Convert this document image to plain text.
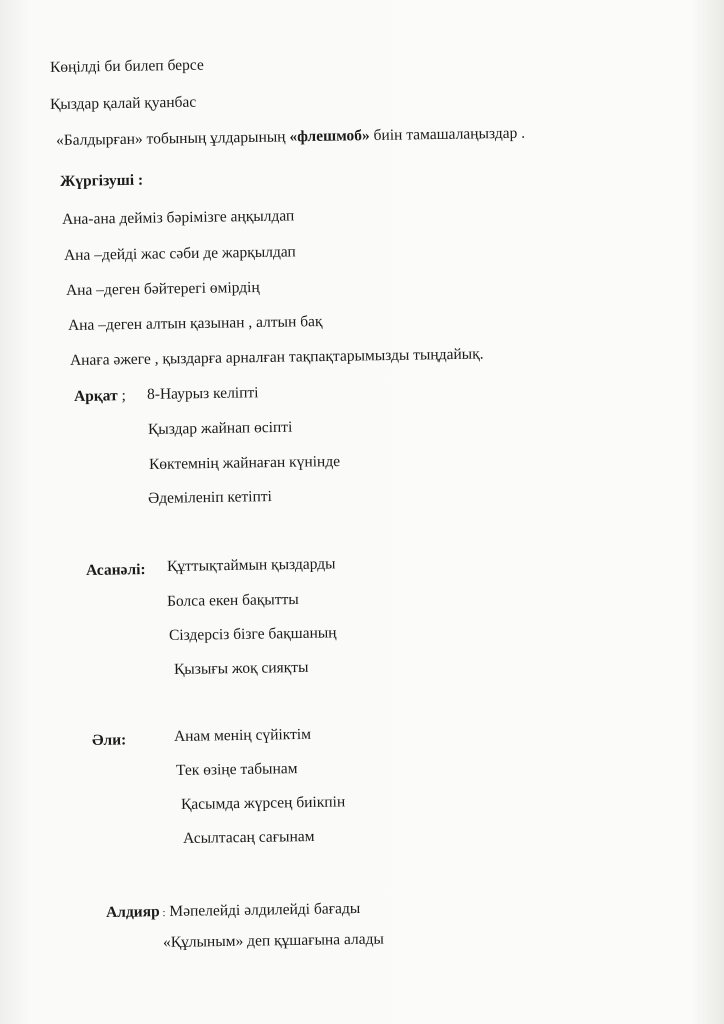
Көңілді би билеп берсе
Қыздар қалай қуанбас
«Балдырған» тобының ұлдарының «флешмоб» биін тамашалаңыздар .
Жүргізуші :
Ана-ана дейміз бәрімізге аңқылдап
Ана –дейді жас сәби де жарқылдап
Ана –деген бәйтерегі өмірдің
Ана –деген алтын қазынан , алтын бақ
Анаға әжеге , қыздарға арналған тақпақтарымызды тыңдайық.
Арқат ; 8-Наурыз келіпті
Қыздар жайнап өсіпті
Көктемнің жайнаған күнінде
Әдеміленіп кетіпті
Асанәлі: Құттықтаймын қыздарды
Болса екен бақытты
Сіздерсіз бізге бақшаның
Қызығы жоқ сияқты
Әли:	Анам менің сүйіктім
Тек өзіңе табынам
Қасымда жүрсең биікпін
Асылтасаң сағынам
Алдияр : Мәпелейді әлдилейді бағады
«Құлыным» деп құшағына алады
